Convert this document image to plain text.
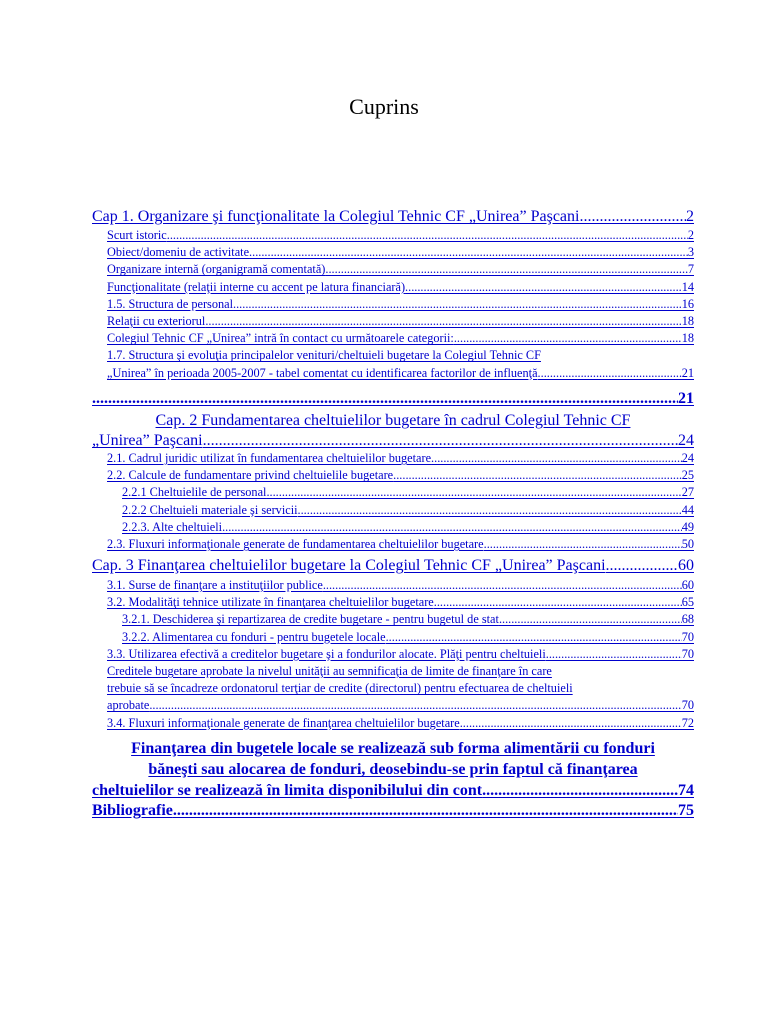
Cuprins
Cap 1. Organizare şi funcţionalitate la Colegiul Tehnic CF „Unirea” Paşcani .....	2
Scurt istoric .....	2
Obiect/domeniu de activitate .....	3
Organizare internă (organigramă comentată) .....	7
Funcţionalitate (relaţii interne cu accent pe latura financiară) .....	14
1.5. Structura de personal .....	16
Relaţii cu exteriorul .....	18
Colegiul Tehnic CF „Unirea” intră în contact cu următoarele categorii: .....	18
1.7. Structura şi evoluţia principalelor venituri/cheltuieli bugetare la Colegiul Tehnic CF
„Unirea” în perioada 2005-2007 - tabel comentat cu identificarea factorilor de influenţă .....	21
.....
21
Cap. 2 Fundamentarea cheltuielilor bugetare în cadrul Colegiul Tehnic CF
„Unirea” Paşcani .....	24
2.1. Cadrul juridic utilizat în fundamentarea cheltuielilor bugetare .....	24
2.2. Calcule de fundamentare privind cheltuielile bugetare .....	25
2.2.1 Cheltuielile de personal .....	27
2.2.2 Cheltuieli materiale şi servicii .....	44
2.2.3. Alte cheltuieli .....	49
2.3. Fluxuri informaţionale generate de fundamentarea cheltuielilor bugetare .....	50
Cap. 3 Finanţarea cheltuielilor bugetare la Colegiul Tehnic CF „Unirea” Paşcani .....	60
3.1. Surse de finanţare a instituţiilor publice .....	60
3.2. Modalităţi tehnice utilizate în finanţarea cheltuielilor bugetare .....	65
3.2.1. Deschiderea şi repartizarea de credite bugetare - pentru bugetul de stat .....	68
3.2.2. Alimentarea cu fonduri - pentru bugetele locale .....	70
3.3. Utilizarea efectivă a creditelor bugetare şi a fondurilor alocate. Plăţi pentru cheltuieli .....	70
Creditele bugetare aprobate la nivelul unităţii au semnificaţia de limite de finanţare în care
trebuie să se încadreze ordonatorul terţiar de credite (directorul) pentru efectuarea de cheltuieli
aprobate .....	70
3.4. Fluxuri informaţionale generate de finanţarea cheltuielilor bugetare .....	72
Finanţarea din bugetele locale se realizează sub forma alimentării cu fonduri
băneşti sau alocarea de fonduri, deosebindu-se prin faptul că finanţarea
cheltuielilor se realizează în limita disponibilului din cont .....	74
Bibliografie .....	75
